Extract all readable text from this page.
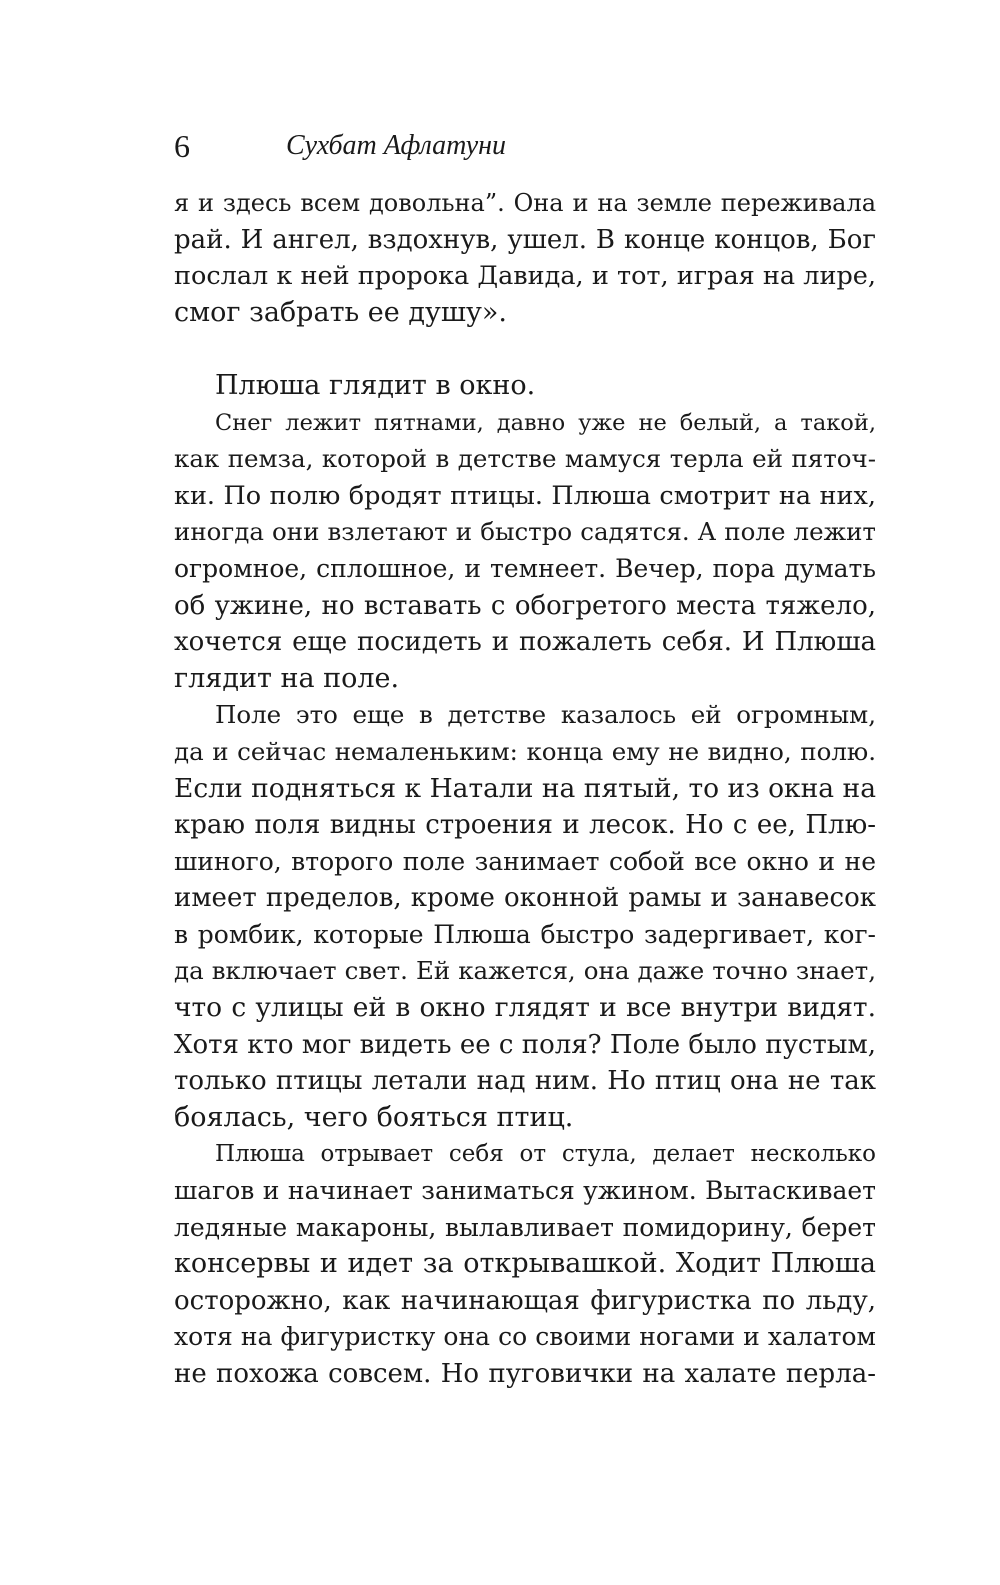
6	Сухбат Афлатуни
я и здесь всем довольна”. Она и на земле переживала
рай. И ангел, вздохнув, ушел. В конце концов, Бог
послал к ней пророка Давида, и тот, играя на лире,
смог забрать ее душу».
Плюша глядит в окно.
Снег лежит пятнами, давно уже не белый, а такой,
как пемза, которой в детстве мамуся терла ей пяточ-
ки. По полю бродят птицы. Плюша смотрит на них,
иногда они взлетают и быстро садятся. А поле лежит
огромное, сплошное, и темнеет. Вечер, пора думать
об ужине, но вставать с обогретого места тяжело,
хочется еще посидеть и пожалеть себя. И Плюша
глядит на поле.
Поле это еще в детстве казалось ей огромным,
да и сейчас немаленьким: конца ему не видно, полю.
Если подняться к Натали на пятый, то из окна на
краю поля видны строения и лесок. Но с ее, Плю-
шиного, второго поле занимает собой все окно и не
имеет пределов, кроме оконной рамы и занавесок
в ромбик, которые Плюша быстро задергивает, ког-
да включает свет. Ей кажется, она даже точно знает,
что с улицы ей в окно глядят и все внутри видят.
Хотя кто мог видеть ее с поля? Поле было пустым,
только птицы летали над ним. Но птиц она не так
боялась, чего бояться птиц.
Плюша отрывает себя от стула, делает несколько
шагов и начинает заниматься ужином. Вытаскивает
ледяные макароны, вылавливает помидорину, берет
консервы и идет за открывашкой. Ходит Плюша
осторожно, как начинающая фигуристка по льду,
хотя на фигуристку она со своими ногами и халатом
не похожа совсем. Но пуговички на халате перла-
